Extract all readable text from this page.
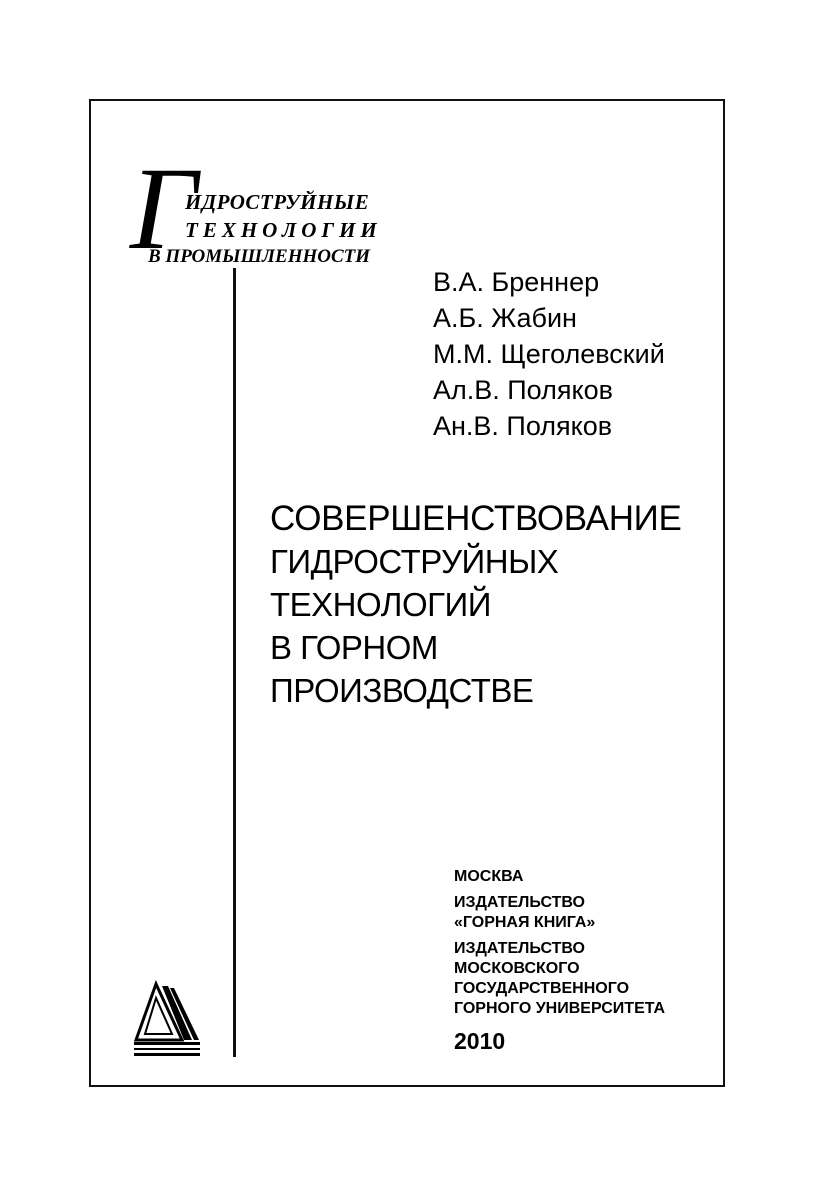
Г
ИДРОСТРУЙНЫЕ
ТЕХНОЛОГИИ
В ПРОМЫШЛЕННОСТИ
В.А. Бреннер
А.Б. Жабин
М.М. Щеголевский
Ал.В. Поляков
Ан.В. Поляков
СОВЕРШЕНСТВОВАНИЕ
ГИДРОСТРУЙНЫХ
ТЕХНОЛОГИЙ
В ГОРНОМ
ПРОИЗВОДСТВЕ
МОСКВА
ИЗДАТЕЛЬСТВО
«ГОРНАЯ КНИГА»
ИЗДАТЕЛЬСТВО
МОСКОВСКОГО
ГОСУДАРСТВЕННОГО
ГОРНОГО УНИВЕРСИТЕТА
2010
